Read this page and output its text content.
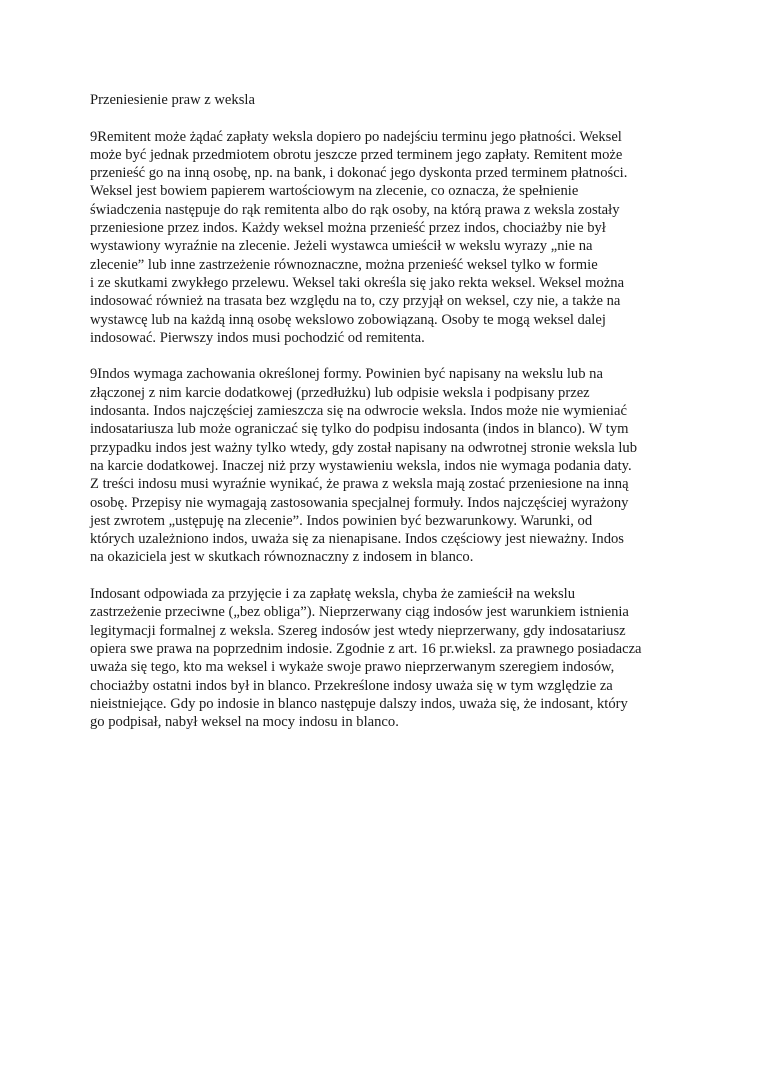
Przeniesienie praw z weksla
9Remitent może żądać zapłaty weksla dopiero po nadejściu terminu jego płatności. Weksel
może być jednak przedmiotem obrotu jeszcze przed terminem jego zapłaty. Remitent może
przenieść go na inną osobę, np. na bank, i dokonać jego dyskonta przed terminem płatności.
Weksel jest bowiem papierem wartościowym na zlecenie, co oznacza, że spełnienie
świadczenia następuje do rąk remitenta albo do rąk osoby, na którą prawa z weksla zostały
przeniesione przez indos. Każdy weksel można przenieść przez indos, chociażby nie był
wystawiony wyraźnie na zlecenie. Jeżeli wystawca umieścił w wekslu wyrazy „nie na
zlecenie” lub inne zastrzeżenie równoznaczne, można przenieść weksel tylko w formie
i ze skutkami zwykłego przelewu. Weksel taki określa się jako rekta weksel. Weksel można
indosować również na trasata bez względu na to, czy przyjął on weksel, czy nie, a także na
wystawcę lub na każdą inną osobę wekslowo zobowiązaną. Osoby te mogą weksel dalej
indosować. Pierwszy indos musi pochodzić od remitenta.
9Indos wymaga zachowania określonej formy. Powinien być napisany na wekslu lub na
złączonej z nim karcie dodatkowej (przedłużku) lub odpisie weksla i podpisany przez
indosanta. Indos najczęściej zamieszcza się na odwrocie weksla. Indos może nie wymieniać
indosatariusza lub może ograniczać się tylko do podpisu indosanta (indos in blanco). W tym
przypadku indos jest ważny tylko wtedy, gdy został napisany na odwrotnej stronie weksla lub
na karcie dodatkowej. Inaczej niż przy wystawieniu weksla, indos nie wymaga podania daty.
Z treści indosu musi wyraźnie wynikać, że prawa z weksla mają zostać przeniesione na inną
osobę. Przepisy nie wymagają zastosowania specjalnej formuły. Indos najczęściej wyrażony
jest zwrotem „ustępuję na zlecenie”. Indos powinien być bezwarunkowy. Warunki, od
których uzależniono indos, uważa się za nienapisane. Indos częściowy jest nieważny. Indos
na okaziciela jest w skutkach równoznaczny z indosem in blanco.
Indosant odpowiada za przyjęcie i za zapłatę weksla, chyba że zamieścił na wekslu
zastrzeżenie przeciwne („bez obliga”). Nieprzerwany ciąg indosów jest warunkiem istnienia
legitymacji formalnej z weksla. Szereg indosów jest wtedy nieprzerwany, gdy indosatariusz
opiera swe prawa na poprzednim indosie. Zgodnie z art. 16 pr.wieksl. za prawnego posiadacza
uważa się tego, kto ma weksel i wykaże swoje prawo nieprzerwanym szeregiem indosów,
chociażby ostatni indos był in blanco. Przekreślone indosy uważa się w tym względzie za
nieistniejące. Gdy po indosie in blanco następuje dalszy indos, uważa się, że indosant, który
go podpisał, nabył weksel na mocy indosu in blanco.
